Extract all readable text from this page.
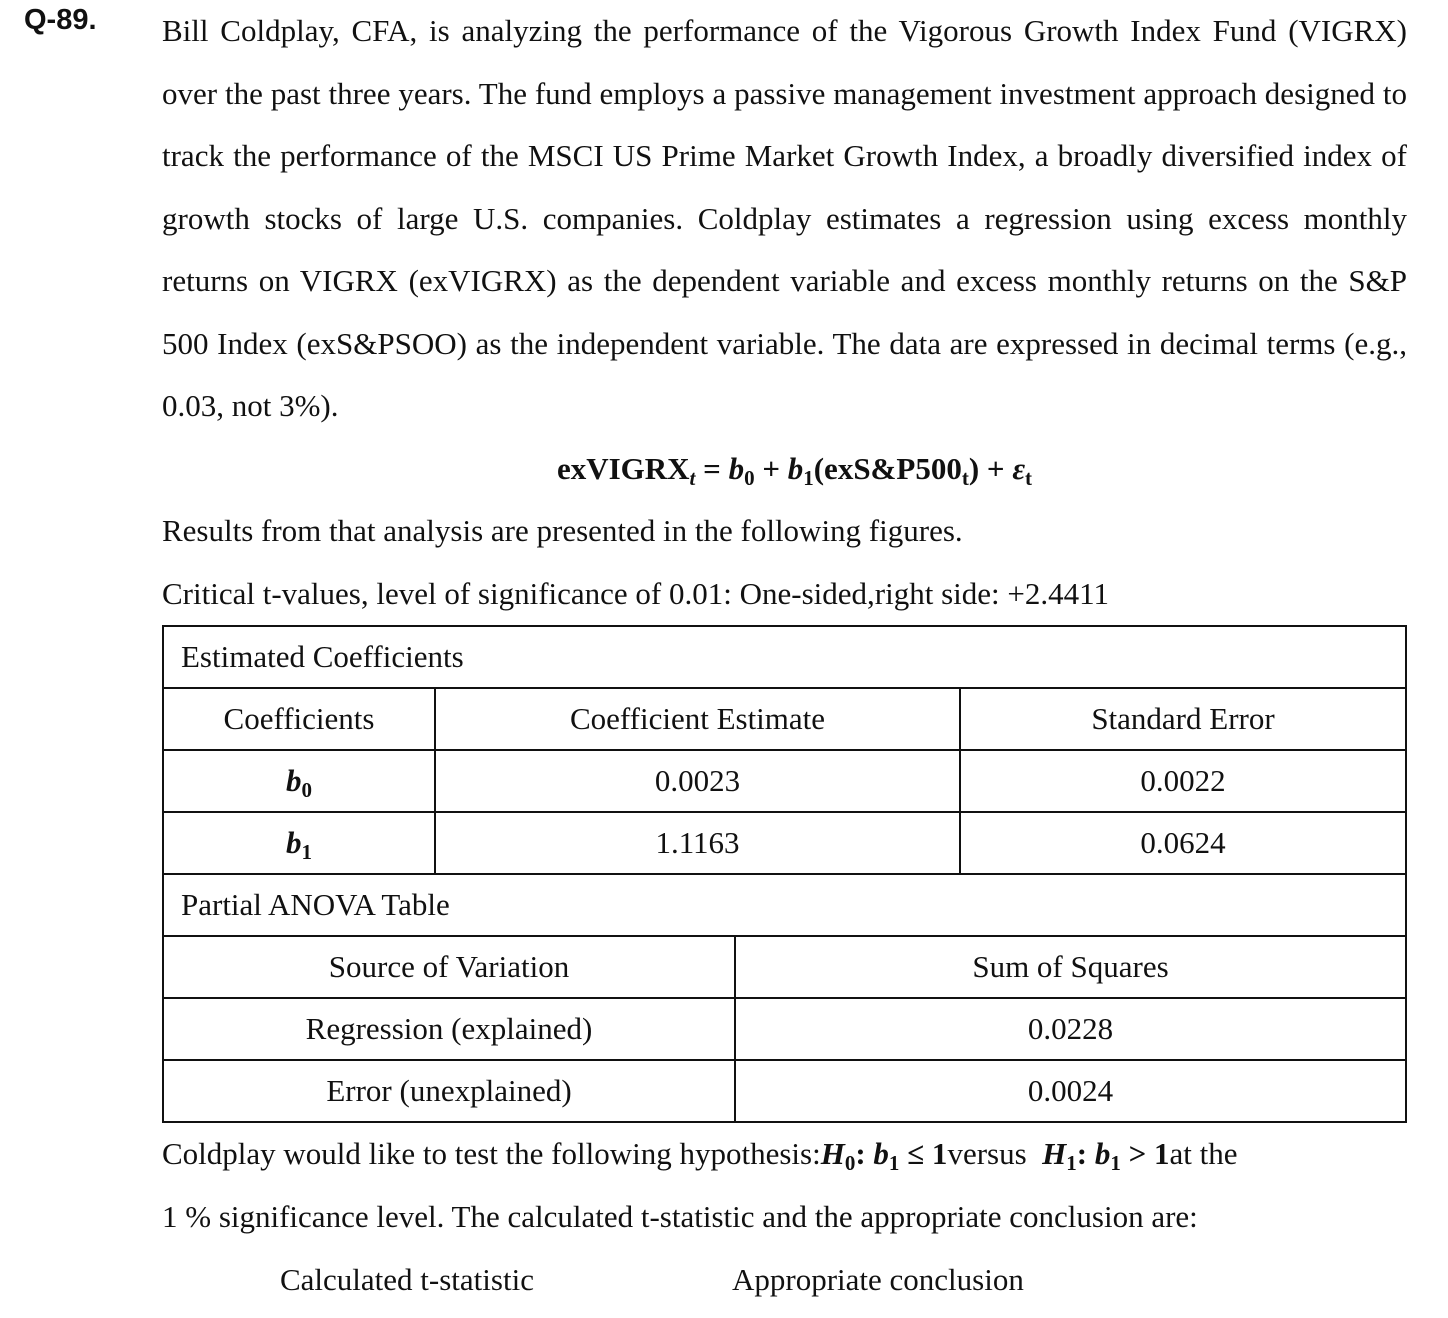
Q-89. Bill Coldplay, CFA, is analyzing the performance of the Vigorous Growth Index Fund (VIGRX) over the past three years. The fund employs a passive management investment approach designed to track the performance of the MSCI US Prime Market Growth Index, a broadly diversified index of growth stocks of large U.S. companies. Coldplay estimates a regression using excess monthly returns on VIGRX (exVIGRX) as the dependent variable and excess monthly returns on the S&P 500 Index (exS&PSOO) as the independent variable. The data are expressed in decimal terms (e.g., 0.03, not 3%).

exVIGRX$_t$ = $b_0$ + $b_1(exS\&P500_t) + \varepsilon_t$

Results from that analysis are presented in the following figures.

Critical t-values, level of significance of 0.01: One-sided,right side: +2.4411

Estimated Coefficients		
Coefficients	Coefficient Estimate	Standard Error
$b_0$	0.0023	0.0022
$b_1$	1.1163	0.0624
Partial ANOVA Table	
Source of Variation	Sum of Squares
Regression (explained)	0.0228
Error (unexplained)	0.0024

Coldplay would like to test the following $hypothesis:H_0$: $b_1$ ≤ 1versus $H_1$: $b_1 > 1at$ the

1 % significance level. The calculated t-statistic and the appropriate conclusion are:

Calculated t-statistic	Appropriate conclusion
